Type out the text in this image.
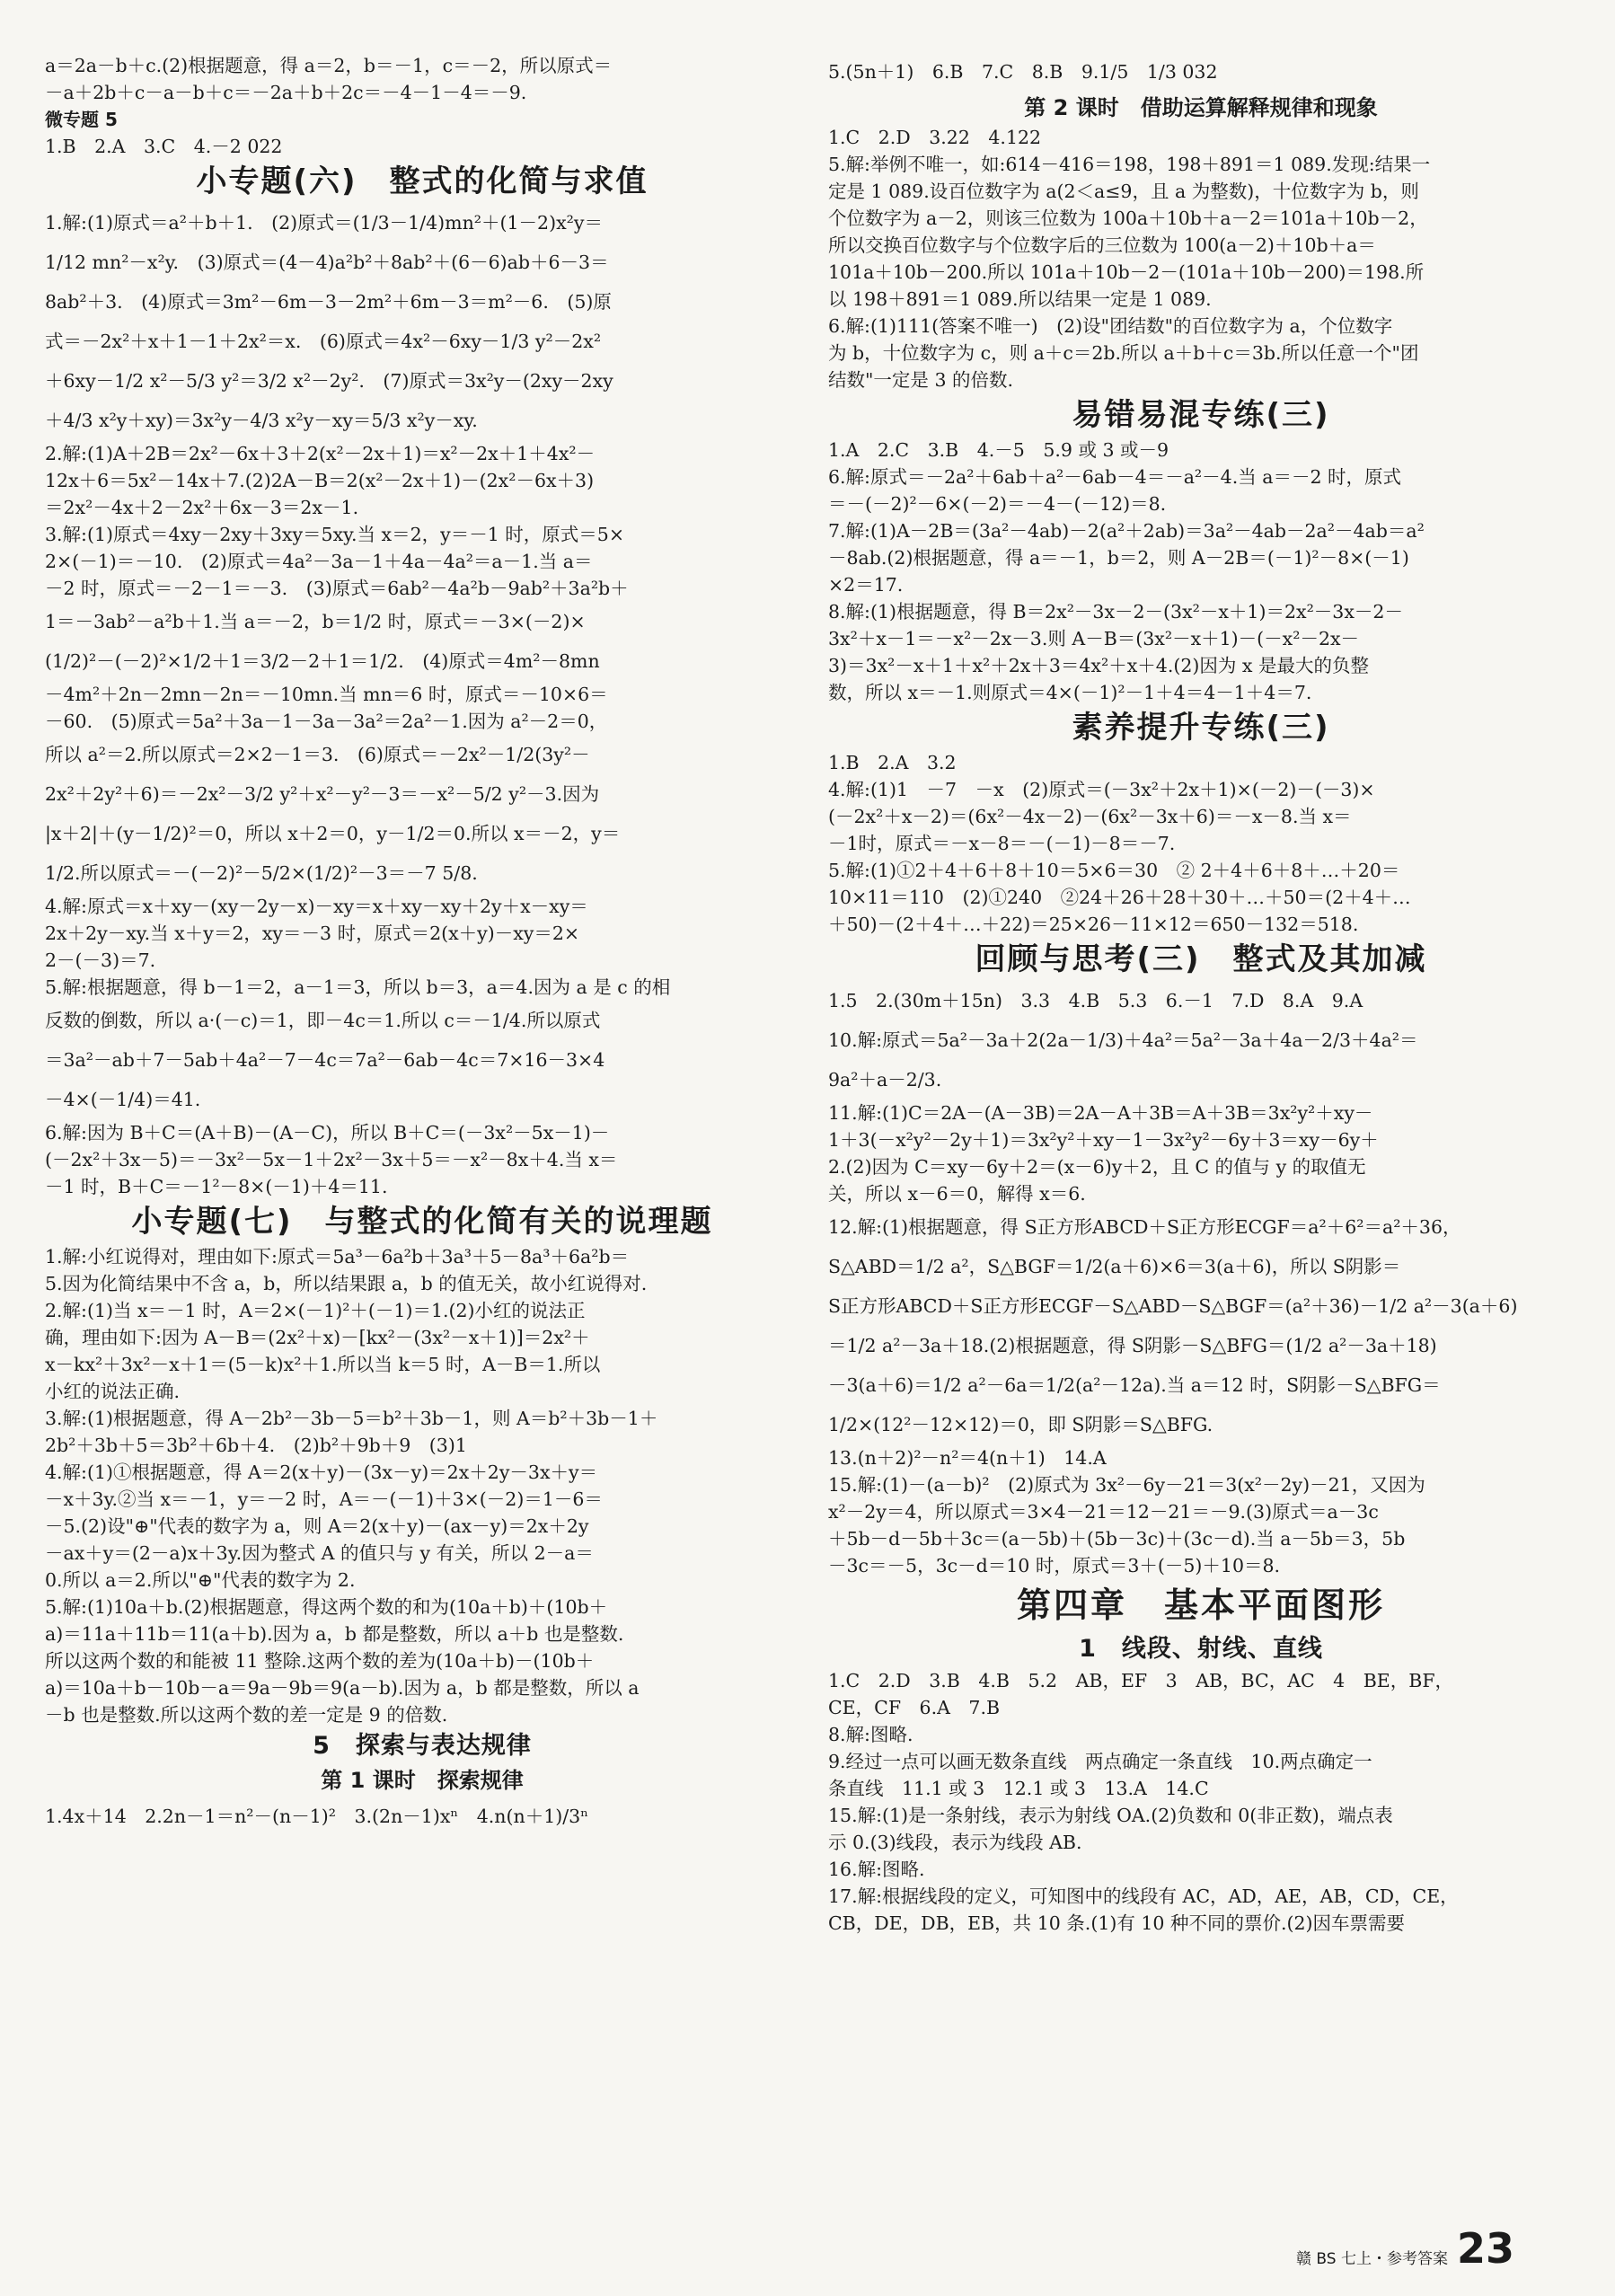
a＝2a－b＋c.(2)根据题意，得 a＝2，b＝－1，c＝－2，所以原式＝
－a＋2b＋c－a－b＋c＝－2a＋b＋2c＝－4－1－4＝－9.
微专题 5
1.B　2.A　3.C　4.－2 022
小专题(六)　整式的化简与求值
1.解:(1)原式＝a²＋b＋1.　(2)原式＝(1/3－1/4)mn²＋(1－2)x²y＝
1/12 mn²－x²y.　(3)原式＝(4－4)a²b²＋8ab²＋(6－6)ab＋6－3＝
8ab²＋3.　(4)原式＝3m²－6m－3－2m²＋6m－3＝m²－6.　(5)原
式＝－2x²＋x＋1－1＋2x²＝x.　(6)原式＝4x²－6xy－1/3 y²－2x²
＋6xy－1/2 x²－5/3 y²＝3/2 x²－2y².　(7)原式＝3x²y－(2xy－2xy
＋4/3 x²y＋xy)＝3x²y－4/3 x²y－xy＝5/3 x²y－xy.
2.解:(1)A＋2B＝2x²－6x＋3＋2(x²－2x＋1)＝x²－2x＋1＋4x²－
12x＋6＝5x²－14x＋7.(2)2A－B＝2(x²－2x＋1)－(2x²－6x＋3)
＝2x²－4x＋2－2x²＋6x－3＝2x－1.
3.解:(1)原式＝4xy－2xy＋3xy＝5xy.当 x＝2，y＝－1 时，原式＝5×
2×(－1)＝－10.　(2)原式＝4a²－3a－1＋4a－4a²＝a－1.当 a＝
－2 时，原式＝－2－1＝－3.　(3)原式＝6ab²－4a²b－9ab²＋3a²b＋
1＝－3ab²－a²b＋1.当 a＝－2，b＝1/2 时，原式＝－3×(－2)×
(1/2)²－(－2)²×1/2＋1＝3/2－2＋1＝1/2.　(4)原式＝4m²－8mn
－4m²＋2n－2mn－2n＝－10mn.当 mn＝6 时，原式＝－10×6＝
－60.　(5)原式＝5a²＋3a－1－3a－3a²＝2a²－1.因为 a²－2＝0，
所以 a²＝2.所以原式＝2×2－1＝3.　(6)原式＝－2x²－1/2(3y²－
2x²＋2y²＋6)＝－2x²－3/2 y²＋x²－y²－3＝－x²－5/2 y²－3.因为
|x＋2|＋(y－1/2)²＝0，所以 x＋2＝0，y－1/2＝0.所以 x＝－2，y＝
1/2.所以原式＝－(－2)²－5/2×(1/2)²－3＝－7 5/8.
4.解:原式＝x＋xy－(xy－2y－x)－xy＝x＋xy－xy＋2y＋x－xy＝
2x＋2y－xy.当 x＋y＝2，xy＝－3 时，原式＝2(x＋y)－xy＝2×
2－(－3)＝7.
5.解:根据题意，得 b－1＝2，a－1＝3，所以 b＝3，a＝4.因为 a 是 c 的相
反数的倒数，所以 a·(－c)＝1，即－4c＝1.所以 c＝－1/4.所以原式
＝3a²－ab＋7－5ab＋4a²－7－4c＝7a²－6ab－4c＝7×16－3×4
－4×(－1/4)＝41.
6.解:因为 B＋C＝(A＋B)－(A－C)，所以 B＋C＝(－3x²－5x－1)－
(－2x²＋3x－5)＝－3x²－5x－1＋2x²－3x＋5＝－x²－8x＋4.当 x＝
－1 时，B＋C＝－1²－8×(－1)＋4＝11.
小专题(七)　与整式的化简有关的说理题
1.解:小红说得对，理由如下:原式＝5a³－6a²b＋3a³＋5－8a³＋6a²b＝
5.因为化简结果中不含 a，b，所以结果跟 a，b 的值无关，故小红说得对.
2.解:(1)当 x＝－1 时，A＝2×(－1)²＋(－1)＝1.(2)小红的说法正
确，理由如下:因为 A－B＝(2x²＋x)－[kx²－(3x²－x＋1)]＝2x²＋
x－kx²＋3x²－x＋1＝(5－k)x²＋1.所以当 k＝5 时，A－B＝1.所以
小红的说法正确.
3.解:(1)根据题意，得 A－2b²－3b－5＝b²＋3b－1，则 A＝b²＋3b－1＋
2b²＋3b＋5＝3b²＋6b＋4.　(2)b²＋9b＋9　(3)1
4.解:(1)①根据题意，得 A＝2(x＋y)－(3x－y)＝2x＋2y－3x＋y＝
－x＋3y.②当 x＝－1，y＝－2 时，A＝－(－1)＋3×(－2)＝1－6＝
－5.(2)设"⊕"代表的数字为 a，则 A＝2(x＋y)－(ax－y)＝2x＋2y
－ax＋y＝(2－a)x＋3y.因为整式 A 的值只与 y 有关，所以 2－a＝
0.所以 a＝2.所以"⊕"代表的数字为 2.
5.解:(1)10a＋b.(2)根据题意，得这两个数的和为(10a＋b)＋(10b＋
a)＝11a＋11b＝11(a＋b).因为 a，b 都是整数，所以 a＋b 也是整数.
所以这两个数的和能被 11 整除.这两个数的差为(10a＋b)－(10b＋
a)＝10a＋b－10b－a＝9a－9b＝9(a－b).因为 a，b 都是整数，所以 a
－b 也是整数.所以这两个数的差一定是 9 的倍数.
5　探索与表达规律
第 1 课时　探索规律
1.4x＋14　2.2n－1＝n²－(n－1)²　3.(2n－1)xⁿ　4.n(n＋1)/3ⁿ
5.(5n＋1)　6.B　7.C　8.B　9.1/5　1/3 032
第 2 课时　借助运算解释规律和现象
1.C　2.D　3.22　4.122
5.解:举例不唯一，如:614－416＝198，198＋891＝1 089.发现:结果一
定是 1 089.设百位数字为 a(2＜a≤9，且 a 为整数)，十位数字为 b，则
个位数字为 a－2，则该三位数为 100a＋10b＋a－2＝101a＋10b－2，
所以交换百位数字与个位数字后的三位数为 100(a－2)＋10b＋a＝
101a＋10b－200.所以 101a＋10b－2－(101a＋10b－200)＝198.所
以 198＋891＝1 089.所以结果一定是 1 089.
6.解:(1)111(答案不唯一)　(2)设"团结数"的百位数字为 a，个位数字
为 b，十位数字为 c，则 a＋c＝2b.所以 a＋b＋c＝3b.所以任意一个"团
结数"一定是 3 的倍数.
易错易混专练(三)
1.A　2.C　3.B　4.－5　5.9 或 3 或－9
6.解:原式＝－2a²＋6ab＋a²－6ab－4＝－a²－4.当 a＝－2 时，原式
＝－(－2)²－6×(－2)＝－4－(－12)＝8.
7.解:(1)A－2B＝(3a²－4ab)－2(a²＋2ab)＝3a²－4ab－2a²－4ab＝a²
－8ab.(2)根据题意，得 a＝－1，b＝2，则 A－2B＝(－1)²－8×(－1)
×2＝17.
8.解:(1)根据题意，得 B＝2x²－3x－2－(3x²－x＋1)＝2x²－3x－2－
3x²＋x－1＝－x²－2x－3.则 A－B＝(3x²－x＋1)－(－x²－2x－
3)＝3x²－x＋1＋x²＋2x＋3＝4x²＋x＋4.(2)因为 x 是最大的负整
数，所以 x＝－1.则原式＝4×(－1)²－1＋4＝4－1＋4＝7.
素养提升专练(三)
1.B　2.A　3.2
4.解:(1)1　－7　－x　(2)原式＝(－3x²＋2x＋1)×(－2)－(－3)×
(－2x²＋x－2)＝(6x²－4x－2)－(6x²－3x＋6)＝－x－8.当 x＝
－1时，原式＝－x－8＝－(－1)－8＝－7.
5.解:(1)①2＋4＋6＋8＋10＝5×6＝30　② 2＋4＋6＋8＋…＋20＝
10×11＝110　(2)①240　②24＋26＋28＋30＋…＋50＝(2＋4＋…
＋50)－(2＋4＋…＋22)＝25×26－11×12＝650－132＝518.
回顾与思考(三)　整式及其加减
1.5　2.(30m＋15n)　3.3　4.B　5.3　6.－1　7.D　8.A　9.A
10.解:原式＝5a²－3a＋2(2a－1/3)＋4a²＝5a²－3a＋4a－2/3＋4a²＝
9a²＋a－2/3.
11.解:(1)C＝2A－(A－3B)＝2A－A＋3B＝A＋3B＝3x²y²＋xy－
1＋3(－x²y²－2y＋1)＝3x²y²＋xy－1－3x²y²－6y＋3＝xy－6y＋
2.(2)因为 C＝xy－6y＋2＝(x－6)y＋2，且 C 的值与 y 的取值无
关，所以 x－6＝0，解得 x＝6.
12.解:(1)根据题意，得 S正方形ABCD＋S正方形ECGF＝a²＋6²＝a²＋36，
S△ABD＝1/2 a²，S△BGF＝1/2(a＋6)×6＝3(a＋6)，所以 S阴影＝
S正方形ABCD＋S正方形ECGF－S△ABD－S△BGF＝(a²＋36)－1/2 a²－3(a＋6)
＝1/2 a²－3a＋18.(2)根据题意，得 S阴影－S△BFG＝(1/2 a²－3a＋18)
－3(a＋6)＝1/2 a²－6a＝1/2(a²－12a).当 a＝12 时，S阴影－S△BFG＝
1/2×(12²－12×12)＝0，即 S阴影＝S△BFG.
13.(n＋2)²－n²＝4(n＋1)　14.A
15.解:(1)－(a－b)²　(2)原式为 3x²－6y－21＝3(x²－2y)－21，又因为
x²－2y＝4，所以原式＝3×4－21＝12－21＝－9.(3)原式＝a－3c
＋5b－d－5b＋3c＝(a－5b)＋(5b－3c)＋(3c－d).当 a－5b＝3，5b
－3c＝－5，3c－d＝10 时，原式＝3＋(－5)＋10＝8.
第四章　基本平面图形
1　线段、射线、直线
1.C　2.D　3.B　4.B　5.2　AB，EF　3　AB，BC，AC　4　BE，BF，
CE，CF　6.A　7.B
8.解:图略.
9.经过一点可以画无数条直线　两点确定一条直线　10.两点确定一
条直线　11.1 或 3　12.1 或 3　13.A　14.C
15.解:(1)是一条射线，表示为射线 OA.(2)负数和 0(非正数)，端点表
示 0.(3)线段，表示为线段 AB.
16.解:图略.
17.解:根据线段的定义，可知图中的线段有 AC，AD，AE，AB，CD，CE，
CB，DE，DB，EB，共 10 条.(1)有 10 种不同的票价.(2)因车票需要
赣 BS 七上・参考答案 23
